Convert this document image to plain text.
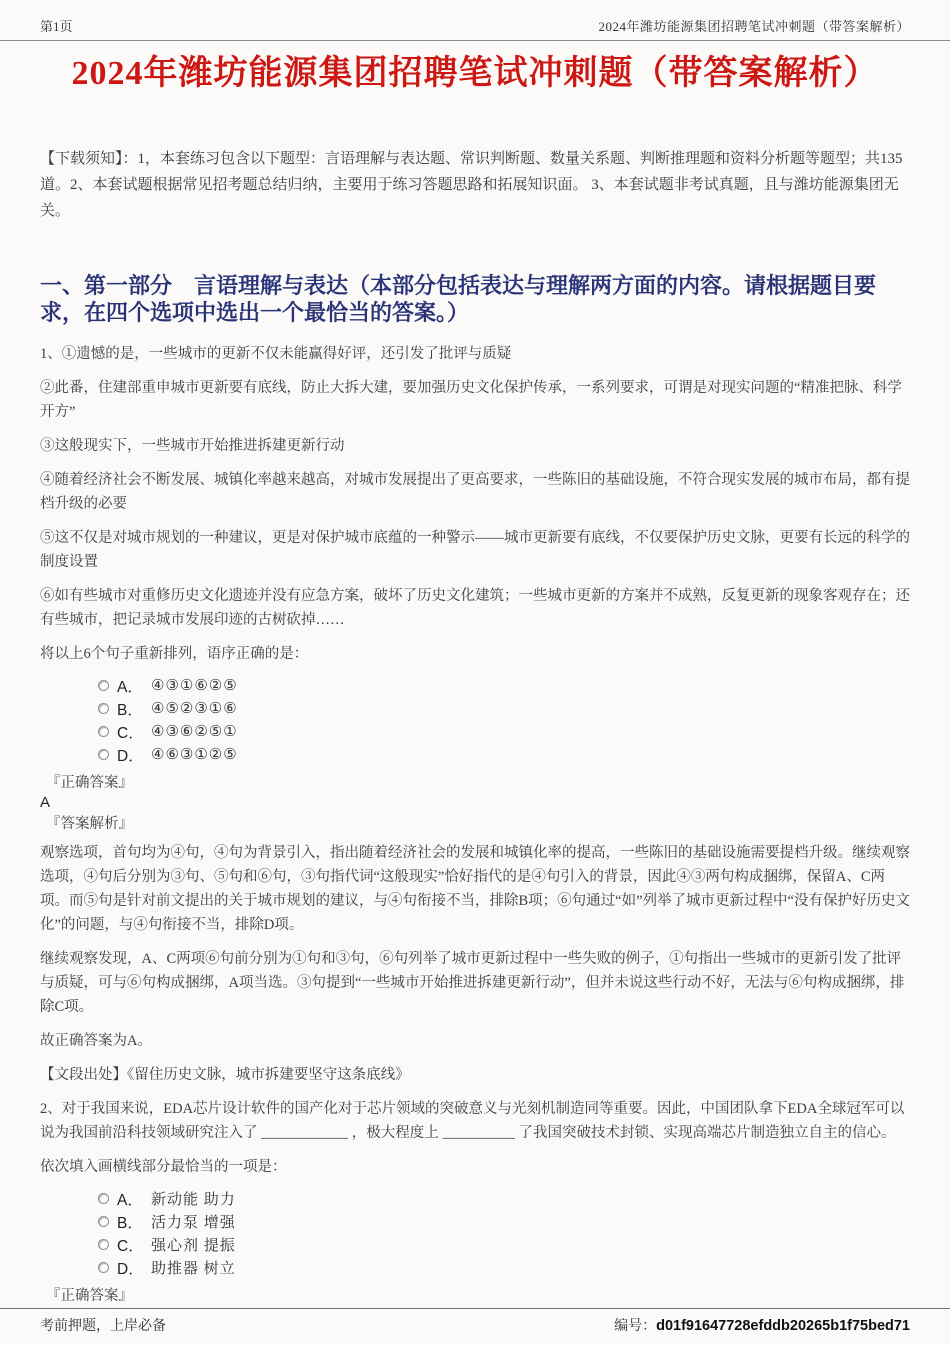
第1页	2024年潍坊能源集团招聘笔试冲刺题（带答案解析）
2024年潍坊能源集团招聘笔试冲刺题（带答案解析）

【下载须知】：1，本套练习包含以下题型：言语理解与表达题、常识判断题、数量关系题、判断推理题和资料分析题等题型；共135道。2、本套试题根据常见招考题总结归纳，主要用于练习答题思路和拓展知识面。 3、本套试题非考试真题，且与潍坊能源集团无关。

一、第一部分　言语理解与表达（本部分包括表达与理解两方面的内容。请根据题目要求，在四个选项中选出一个最恰当的答案。）

1、①遗憾的是，一些城市的更新不仅未能赢得好评，还引发了批评与质疑

②此番，住建部重申城市更新要有底线，防止大拆大建，要加强历史文化保护传承，一系列要求，可谓是对现实问题的“精准把脉、科学开方”

③这般现实下，一些城市开始推进拆建更新行动

④随着经济社会不断发展、城镇化率越来越高，对城市发展提出了更高要求，一些陈旧的基础设施，不符合现实发展的城市布局，都有提档升级的必要

⑤这不仅是对城市规划的一种建议，更是对保护城市底蕴的一种警示——城市更新要有底线，不仅要保护历史文脉，更要有长远的科学的制度设置

⑥如有些城市对重修历史文化遗迹并没有应急方案，破坏了历史文化建筑；一些城市更新的方案并不成熟，反复更新的现象客观存在；还有些城市，把记录城市发展印迹的古树砍掉……

将以上6个句子重新排列，语序正确的是：

A． ④③①⑥②⑤
B． ④⑤②③①⑥
C． ④③⑥②⑤①
D． ④⑥③①②⑤
『正确答案』
A
『答案解析』

观察选项，首句均为④句，④句为背景引入，指出随着经济社会的发展和城镇化率的提高，一些陈旧的基础设施需要提档升级。继续观察选项，④句后分别为③句、⑤句和⑥句，③句指代词“这般现实”恰好指代的是④句引入的背景，因此④③两句构成捆绑，保留A、C两项。而⑤句是针对前文提出的关于城市规划的建议，与④句衔接不当，排除B项；⑥句通过“如”列举了城市更新过程中“没有保护好历史文化”的问题，与④句衔接不当，排除D项。

继续观察发现，A、C两项⑥句前分别为①句和③句，⑥句列举了城市更新过程中一些失败的例子，①句指出一些城市的更新引发了批评与质疑，可与⑥句构成捆绑，A项当选。③句提到“一些城市开始推进拆建更新行动”，但并未说这些行动不好，无法与⑥句构成捆绑，排除C项。

故正确答案为A。

【文段出处】《留住历史文脉，城市拆建要坚守这条底线》

2、对于我国来说，EDA芯片设计软件的国产化对于芯片领域的突破意义与光刻机制造同等重要。因此，中国团队拿下EDA全球冠军可以说为我国前沿科技领域研究注入了 ____________ ，极大程度上 __________ 了我国突破技术封锁、实现高端芯片制造独立自主的信心。

依次填入画横线部分最恰当的一项是：

A． 新动能 助力
B． 活力泵 增强
C． 强心剂 提振
D． 助推器 树立
『正确答案』
考前押题，上岸必备	编号： d01f91647728efddb20265b1f75bed71
